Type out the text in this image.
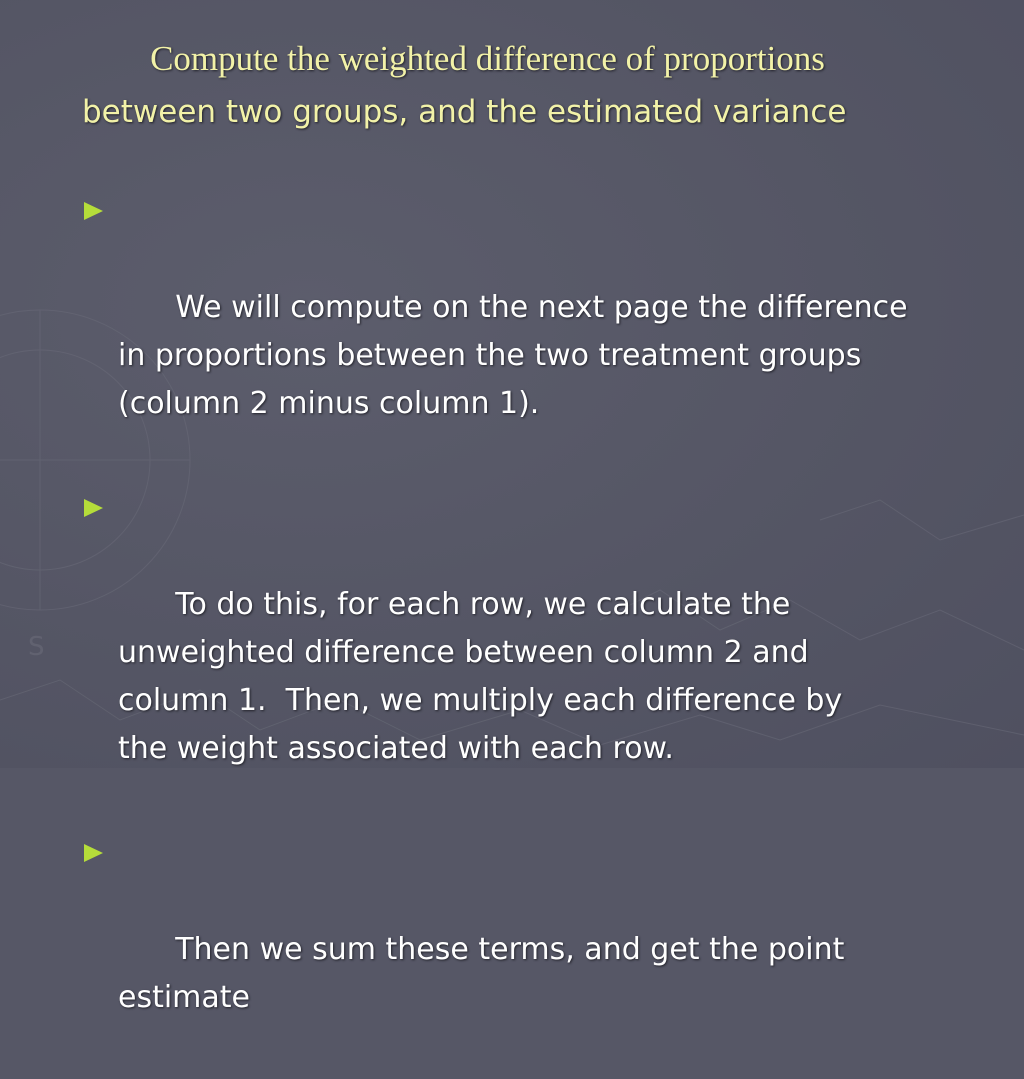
S
Compute the weighted difference of proportions
between two groups, and the estimated variance

We will compute on the next page the difference
in proportions between the two treatment groups
(column 2 minus column 1).

To do this, for each row, we calculate the
unweighted difference between column 2 and
column 1.  Then, we multiply each difference by
the weight associated with each row.

Then we sum these terms, and get the point
estimate
